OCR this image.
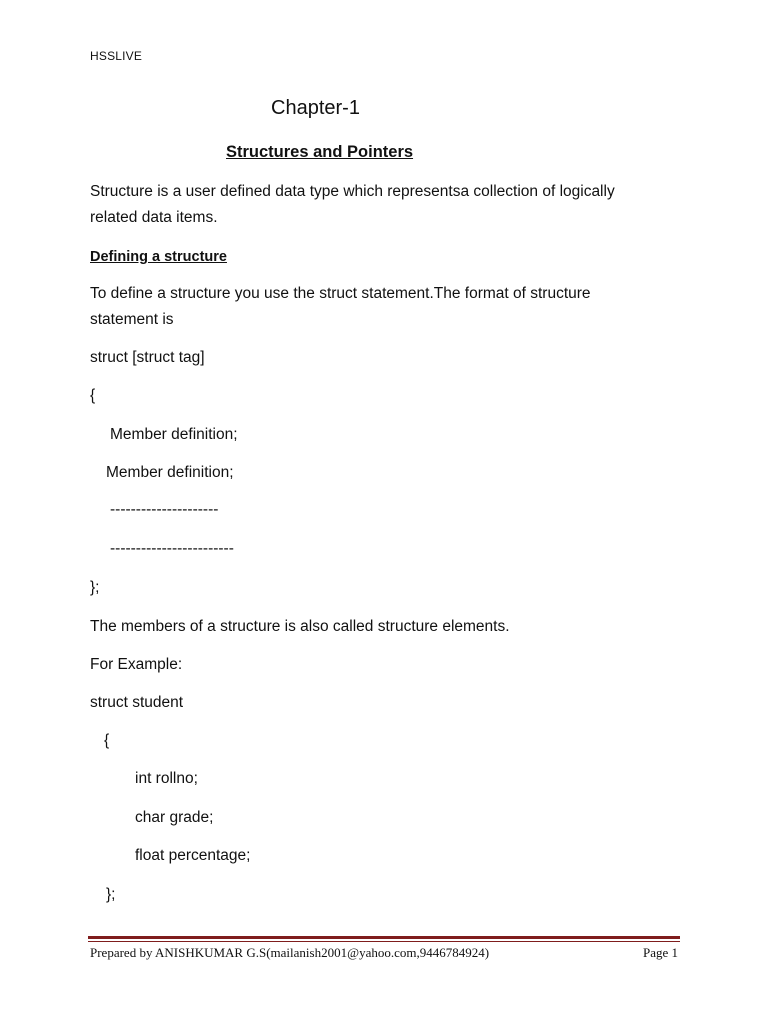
HSSLIVE

Chapter-1

Structures and Pointers

Structure is a user defined data type which representsa collection of logically

related data items.

Defining a structure

To define a structure you use the struct statement.The format of structure

statement is

struct [struct tag]

{

Member definition;

Member definition;

---------------------

------------------------

};

The members of a structure is also called structure elements.

For Example:

struct student

{

int rollno;

char grade;

float percentage;

};

Prepared by ANISHKUMAR G.S(mailanish2001@yahoo.com,9446784924)	Page 1
